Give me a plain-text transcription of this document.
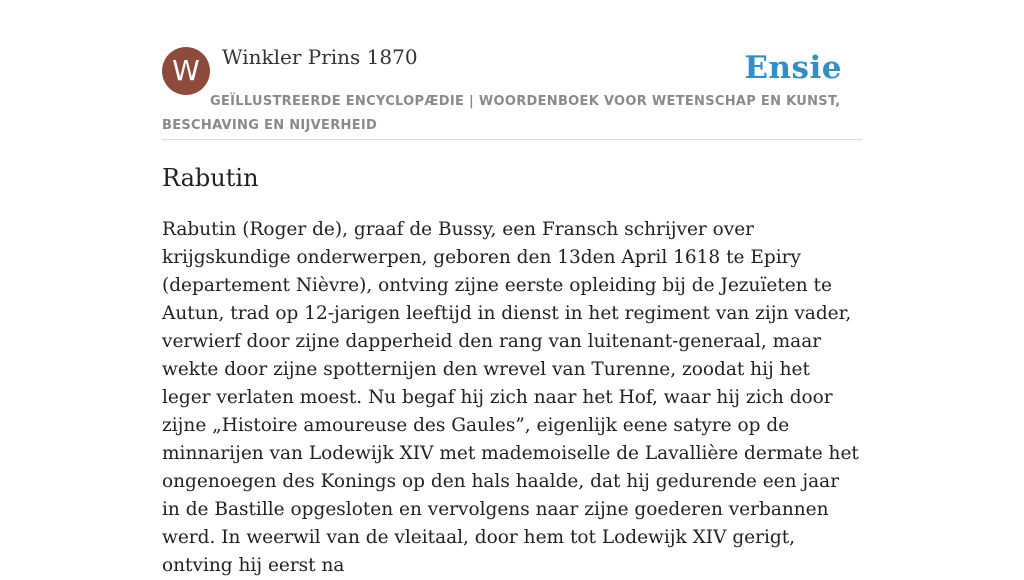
W	Winkler Prins 1870	Ensie
GEÏLLUSTREERDE ENCYCLOPÆDIE | WOORDENBOEK VOOR WETENSCHAP EN KUNST, BESCHAVING EN NIJVERHEID
Rabutin
Rabutin (Roger de), graaf de Bussy, een Fransch schrijver over krijgskundige onderwerpen, geboren den 13den April 1618 te Epiry (departement Nièvre), ontving zijne eerste opleiding bij de Jezuïeten te Autun, trad op 12-jarigen leeftijd in dienst in het regiment van zijn vader, verwierf door zijne dapperheid den rang van luitenant-generaal, maar wekte door zijne spotternijen den wrevel van Turenne, zoodat hij het leger verlaten moest. Nu begaf hij zich naar het Hof, waar hij zich door zijne „Histoire amoureuse des Gaules”, eigenlijk eene satyre op de minnarijen van Lodewijk XIV met mademoiselle de Lavallière dermate het ongenoegen des Konings op den hals haalde, dat hij gedurende een jaar in de Bastille opgesloten en vervolgens naar zijne goederen verbannen werd. In weerwil van de vleitaal, door hem tot Lodewijk XIV gerigt, ontving hij eerst na
